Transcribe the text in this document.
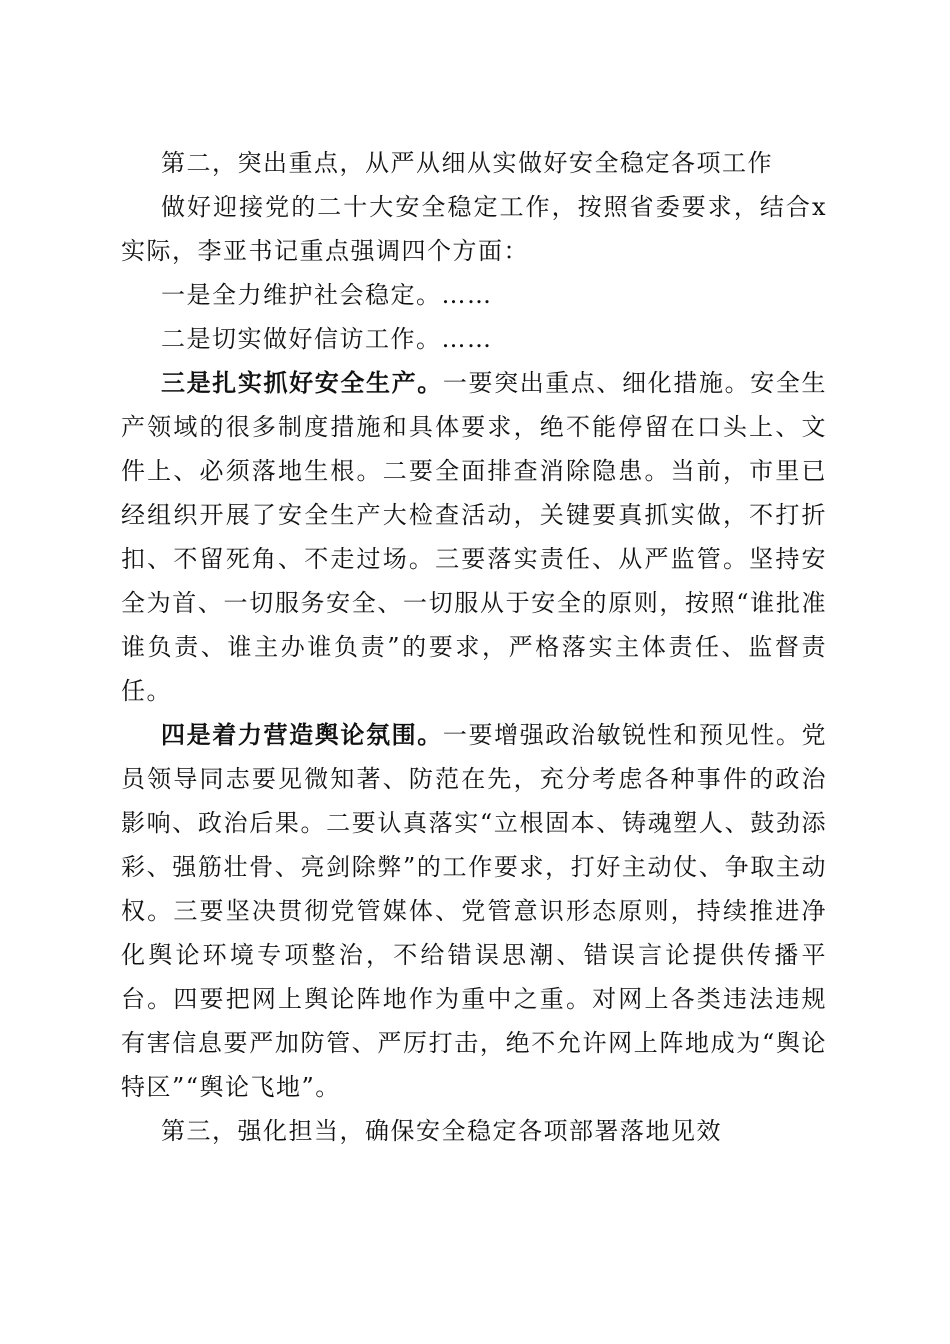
第二，突出重点，从严从细从实做好安全稳定各项工作

做好迎接党的二十大安全稳定工作，按照省委要求，结合x实际，李亚书记重点强调四个方面：

一是全力维护社会稳定。……

二是切实做好信访工作。……

三是扎实抓好安全生产。一要突出重点、细化措施。安全生产领域的很多制度措施和具体要求，绝不能停留在口头上、文件上、必须落地生根。二要全面排查消除隐患。当前，市里已经组织开展了安全生产大检查活动，关键要真抓实做，不打折扣、不留死角、不走过场。三要落实责任、从严监管。坚持安全为首、一切服务安全、一切服从于安全的原则，按照“谁批准谁负责、谁主办谁负责”的要求，严格落实主体责任、监督责任。

四是着力营造舆论氛围。一要增强政治敏锐性和预见性。党员领导同志要见微知著、防范在先，充分考虑各种事件的政治影响、政治后果。二要认真落实“立根固本、铸魂塑人、鼓劲添彩、强筋壮骨、亮剑除弊”的工作要求，打好主动仗、争取主动权。三要坚决贯彻党管媒体、党管意识形态原则，持续推进净化舆论环境专项整治，不给错误思潮、错误言论提供传播平台。四要把网上舆论阵地作为重中之重。对网上各类违法违规有害信息要严加防管、严厉打击，绝不允许网上阵地成为“舆论特区”“舆论飞地”。

第三，强化担当，确保安全稳定各项部署落地见效
